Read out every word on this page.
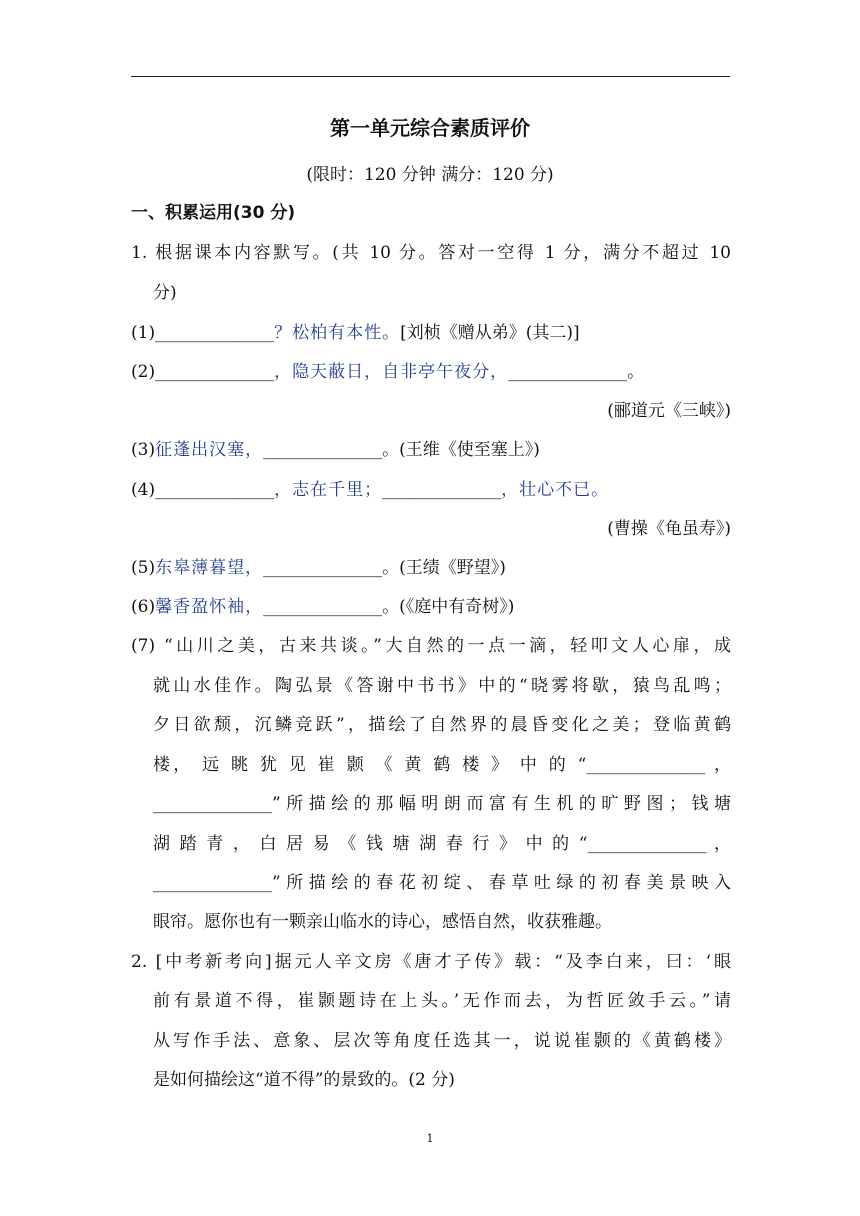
第一单元综合素质评价
(限时：120 分钟 满分：120 分)
一、积累运用(30 分)
1. 根据课本内容默写。(共 10 分。答对一空得 1 分，满分不超过 10
分)
(1)______________？松柏有本性。[刘桢《赠从弟》(其二)]
(2)______________，隐天蔽日，自非亭午夜分，______________。
(郦道元《三峡》)
(3)征蓬出汉塞，______________。(王维《使至塞上》)
(4)______________，志在千里；______________，壮心不已。
(曹操《龟虽寿》)
(5)东皋薄暮望，______________。(王绩《野望》)
(6)馨香盈怀袖，______________。(《庭中有奇树》)
(7) “山川之美，古来共谈。”大自然的一点一滴，轻叩文人心扉，成
就山水佳作。陶弘景《答谢中书书》中的“晓雾将歇，猿鸟乱鸣；
夕日欲颓，沉鳞竞跃”，描绘了自然界的晨昏变化之美；登临黄鹤
楼， 远 眺 犹 见 崔 颢 《 黄 鹤 楼 》 中 的 “______________ ，
______________”所描绘的那幅明朗而富有生机的旷野图；钱塘
湖 踏 青 ， 白 居 易 《 钱 塘 湖 春 行 》 中 的 “______________ ，
______________”所描绘的春花初绽、春草吐绿的初春美景映入
眼帘。愿你也有一颗亲山临水的诗心，感悟自然，收获雅趣。
2. [中考新考向]据元人辛文房《唐才子传》载：“及李白来，曰：‘眼
前有景道不得，崔颢题诗在上头。’无作而去，为哲匠敛手云。”请
从写作手法、意象、层次等角度任选其一，说说崔颢的《黄鹤楼》
是如何描绘这“道不得”的景致的。(2 分)
1
